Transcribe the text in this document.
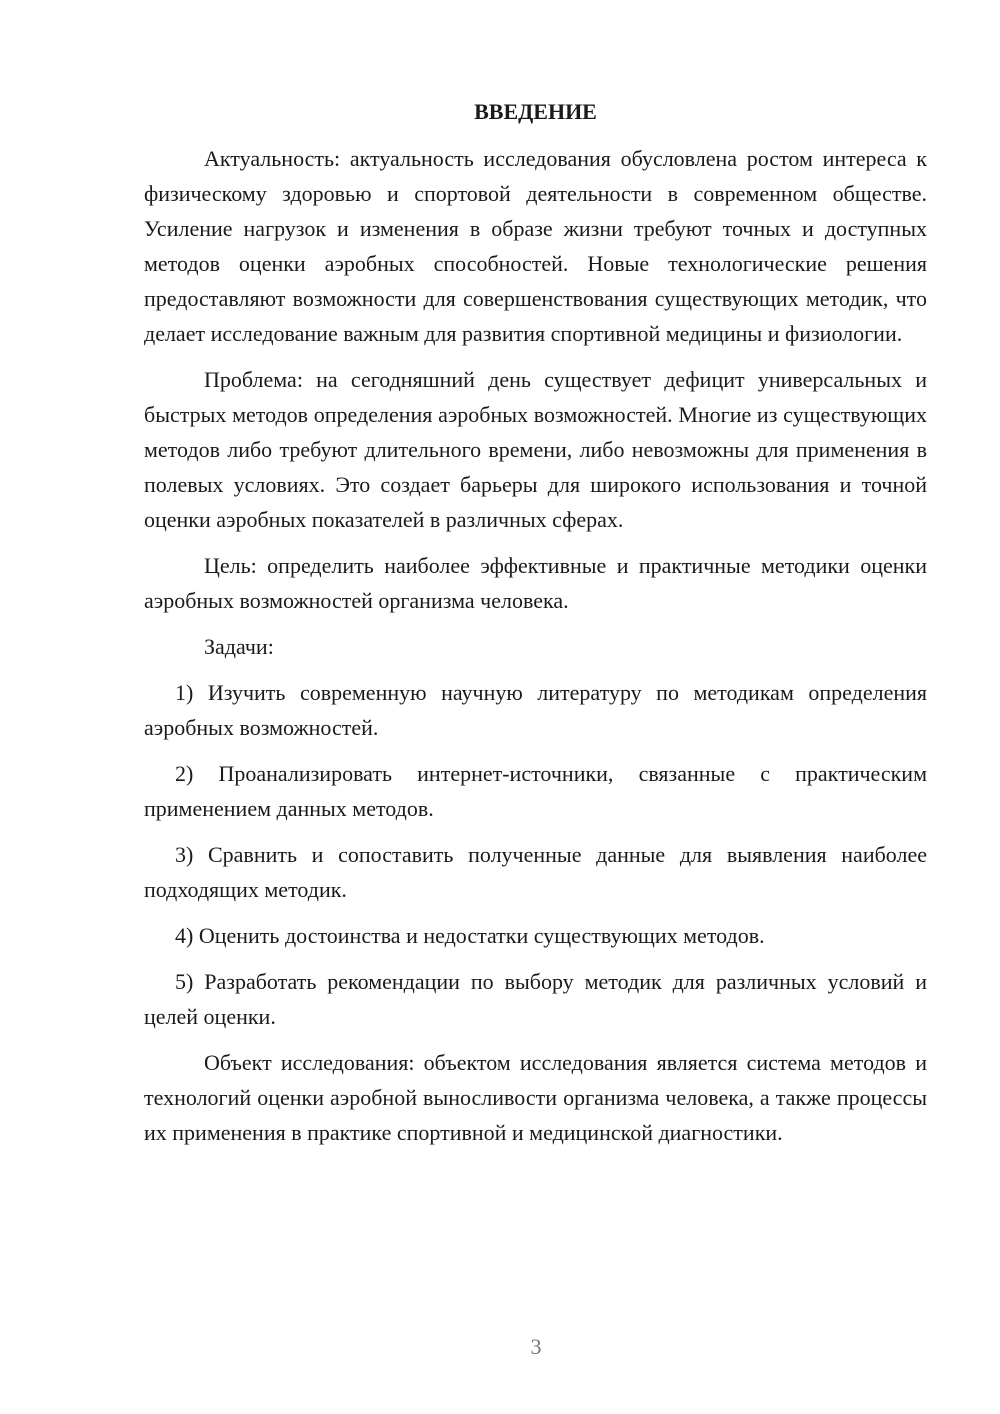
ВВЕДЕНИЕ

Актуальность: актуальность исследования обусловлена ростом интереса к физическому здоровью и спортовой деятельности в современном обществе. Усиление нагрузок и изменения в образе жизни требуют точных и доступных методов оценки аэробных способностей. Новые технологические решения предоставляют возможности для совершенствования существующих методик, что делает исследование важным для развития спортивной медицины и физиологии.

Проблема: на сегодняшний день существует дефицит универсальных и быстрых методов определения аэробных возможностей. Многие из существующих методов либо требуют длительного времени, либо невозможны для применения в полевых условиях. Это создает барьеры для широкого использования и точной оценки аэробных показателей в различных сферах.

Цель: определить наиболее эффективные и практичные методики оценки аэробных возможностей организма человека.

Задачи:

1) Изучить современную научную литературу по методикам определения аэробных возможностей.

2) Проанализировать интернет-источники, связанные с практическим применением данных методов.

3) Сравнить и сопоставить полученные данные для выявления наиболее подходящих методик.

4) Оценить достоинства и недостатки существующих методов.

5) Разработать рекомендации по выбору методик для различных условий и целей оценки.

Объект исследования: объектом исследования является система методов и технологий оценки аэробной выносливости организма человека, а также процессы их применения в практике спортивной и медицинской диагностики.

3
